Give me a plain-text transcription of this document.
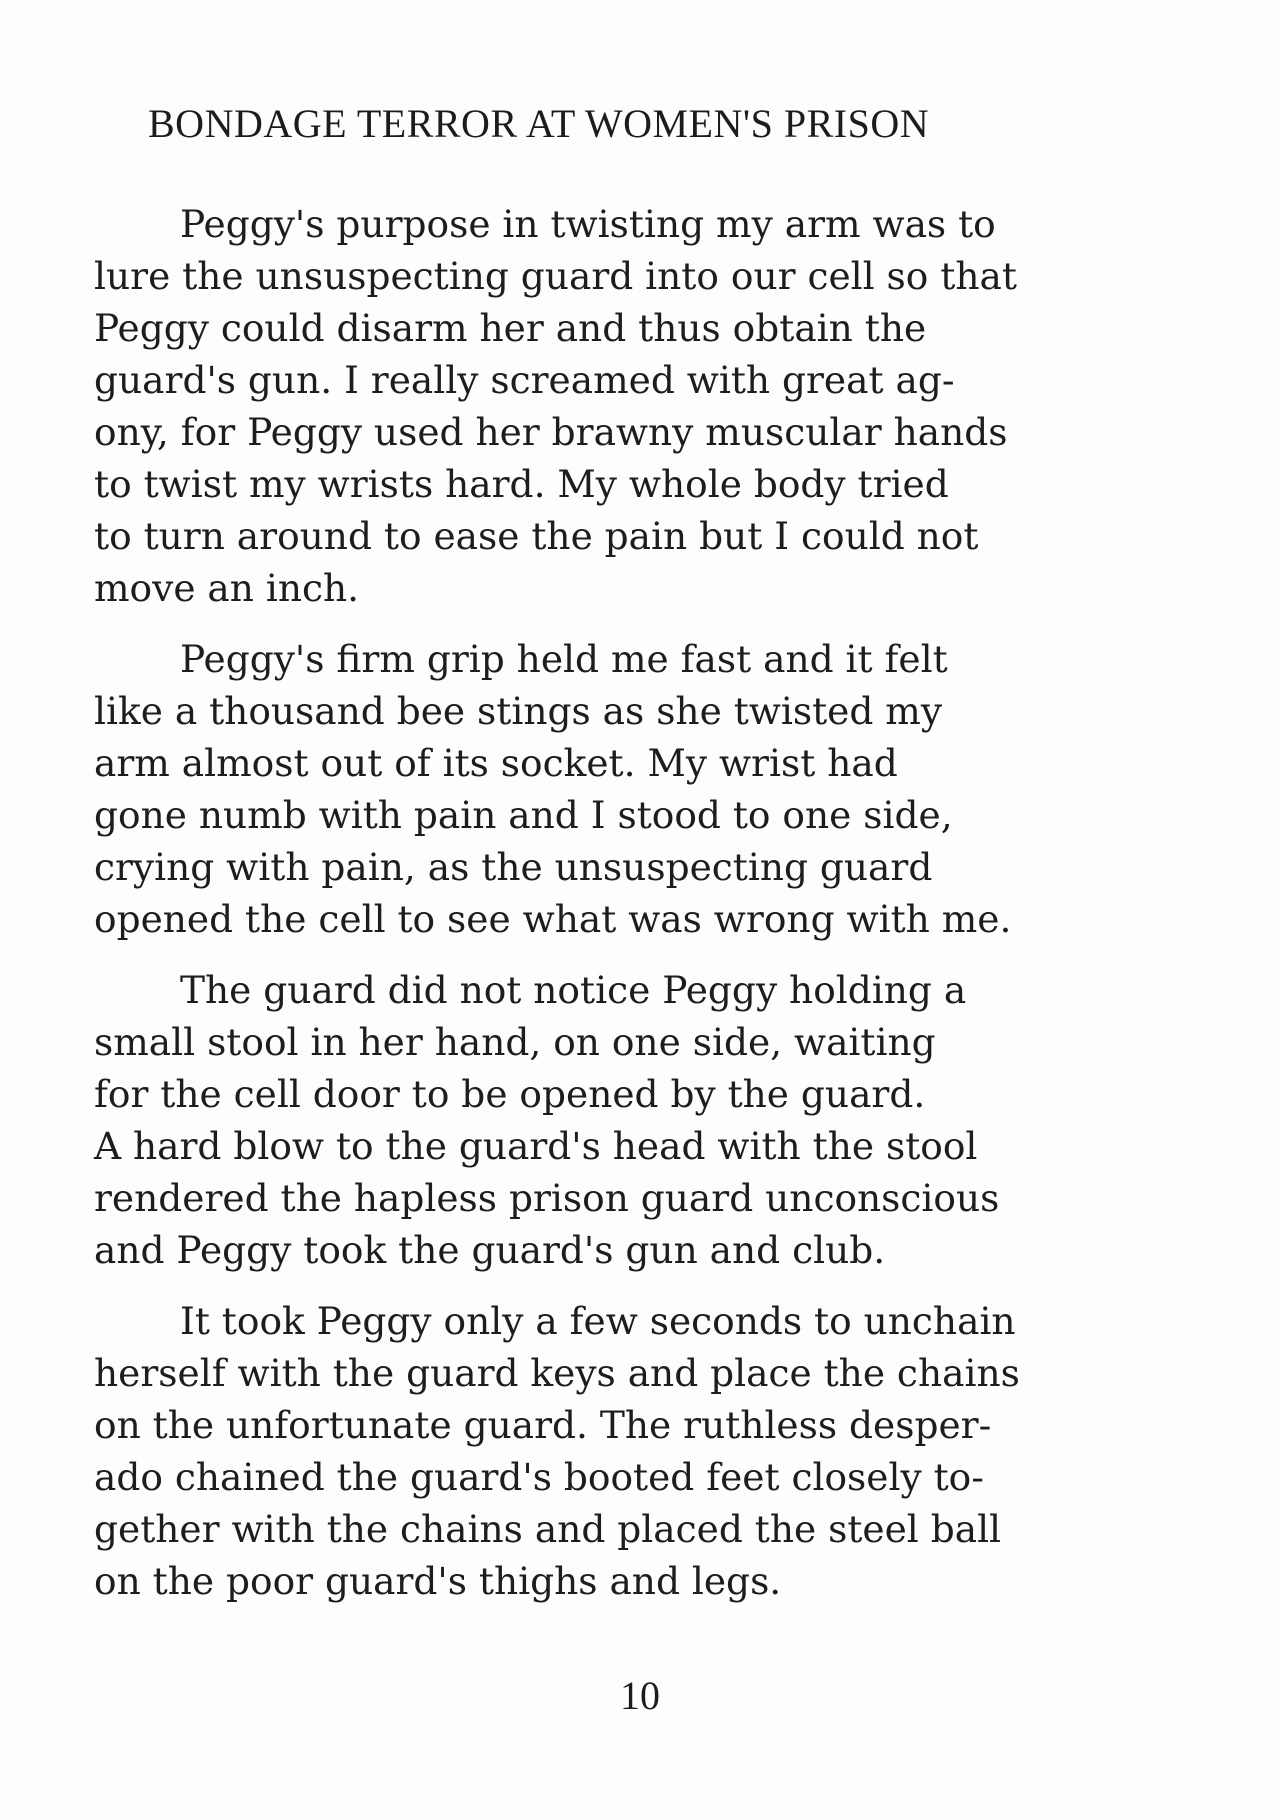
BONDAGE TERROR AT WOMEN'S PRISON

Peggy's purpose in twisting my arm was to
lure the unsuspecting guard into our cell so that
Peggy could disarm her and thus obtain the
guard's gun. I really screamed with great ag-
ony, for Peggy used her brawny muscular hands
to twist my wrists hard. My whole body tried
to turn around to ease the pain but I could not
move an inch.

Peggy's firm grip held me fast and it felt
like a thousand bee stings as she twisted my
arm almost out of its socket. My wrist had
gone numb with pain and I stood to one side,
crying with pain, as the unsuspecting guard
opened the cell to see what was wrong with me.

The guard did not notice Peggy holding a
small stool in her hand, on one side, waiting
for the cell door to be opened by the guard.
A hard blow to the guard's head with the stool
rendered the hapless prison guard unconscious
and Peggy took the guard's gun and club.

It took Peggy only a few seconds to unchain
herself with the guard keys and place the chains
on the unfortunate guard. The ruthless desper-
ado chained the guard's booted feet closely to-
gether with the chains and placed the steel ball
on the poor guard's thighs and legs.

10
